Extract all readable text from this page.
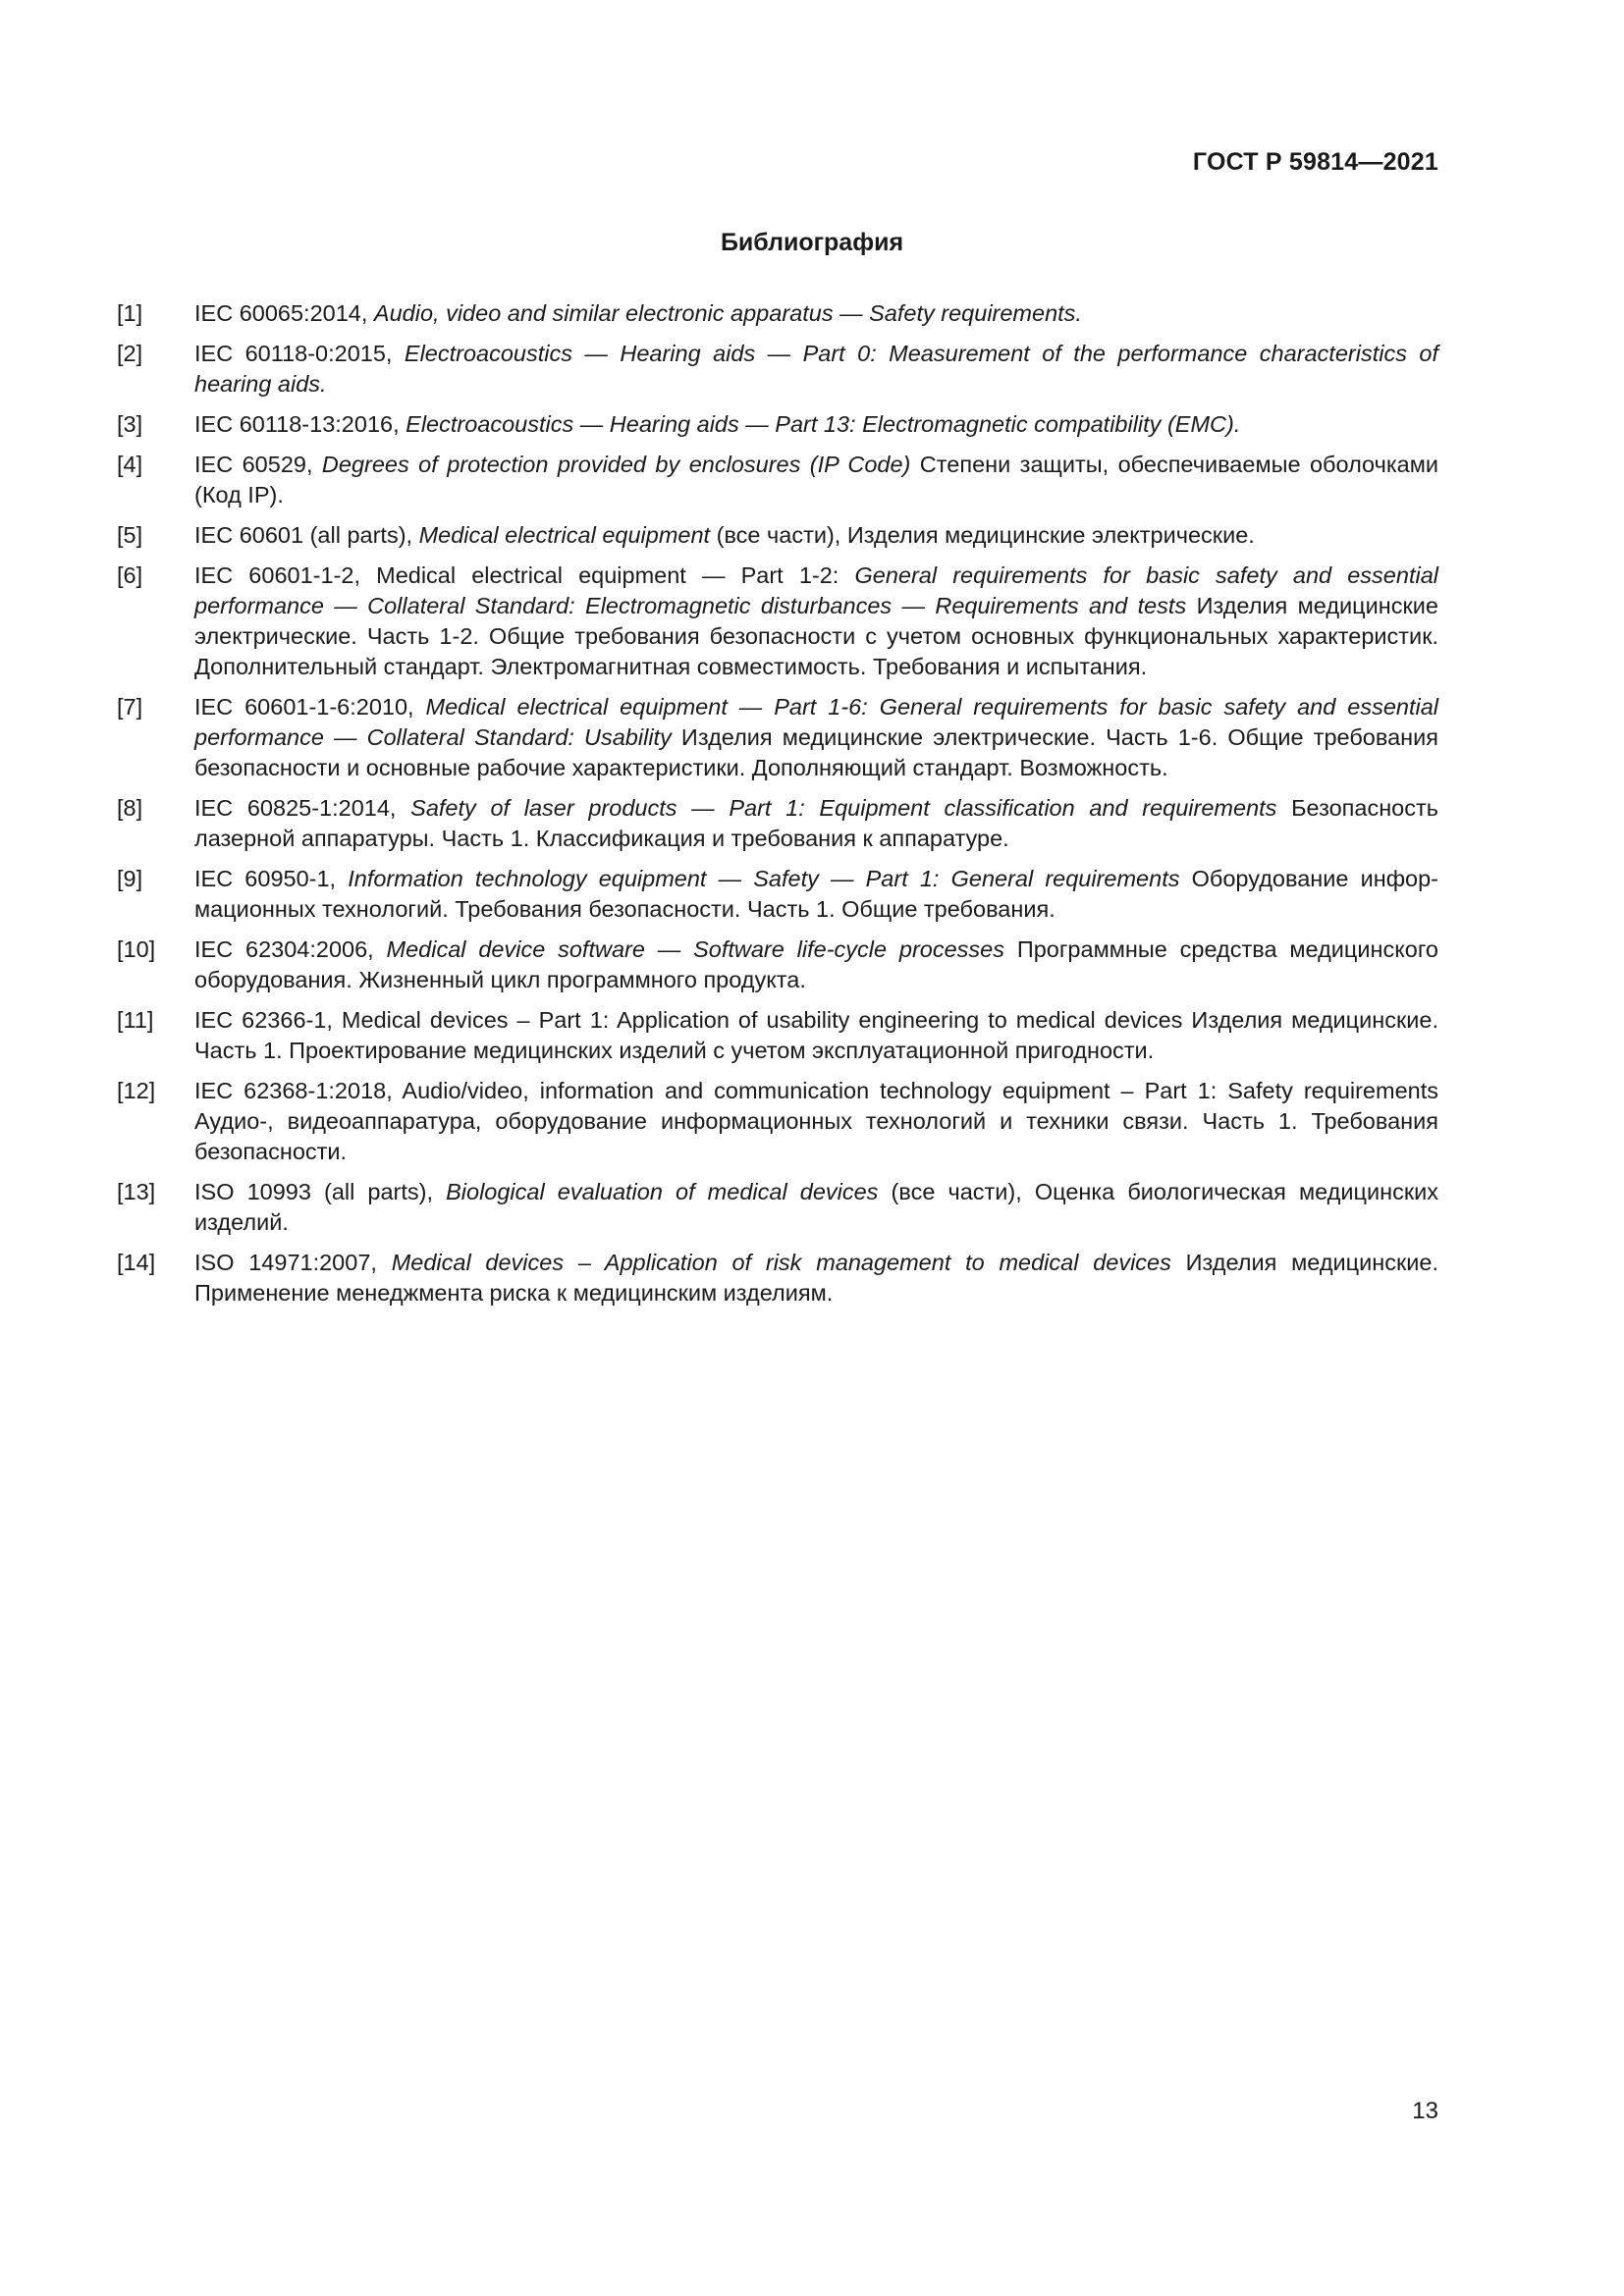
ГОСТ Р 59814—2021
Библиография
[1]	IEC 60065:2014, Audio, video and similar electronic apparatus — Safety requirements.
[2]	IEC 60118-0:2015, Electroacoustics — Hearing aids — Part 0: Measurement of the performance characteristics of hearing aids.
[3]	IEC 60118-13:2016, Electroacoustics — Hearing aids — Part 13: Electromagnetic compatibility (EMC).
[4]	IEC 60529, Degrees of protection provided by enclosures (IP Code) Степени защиты, обеспечиваемые оболочками (Код IP).
[5]	IEC 60601 (all parts), Medical electrical equipment (все части), Изделия медицинские электрические.
[6]	IEC 60601-1-2, Medical electrical equipment — Part 1-2: General requirements for basic safety and essential performance — Collateral Standard: Electromagnetic disturbances — Requirements and tests Изделия медицинские электрические. Часть 1-2. Общие требования безопасности с учетом основных функциональных характеристик. Дополнительный стандарт. Электромагнитная совместимость. Требования и испытания.
[7]	IEC 60601-1-6:2010, Medical electrical equipment — Part 1-6: General requirements for basic safety and essential performance — Collateral Standard: Usability Изделия медицинские электрические. Часть 1-6. Общие требования безопасности и основные рабочие характеристики. Дополняющий стандарт. Возможность.
[8]	IEC 60825-1:2014, Safety of laser products — Part 1: Equipment classification and requirements Безопасность лазерной аппаратуры. Часть 1. Классификация и требования к аппаратуре.
[9]	IEC 60950-1, Information technology equipment — Safety — Part 1: General requirements Оборудование информационных технологий. Требования безопасности. Часть 1. Общие требования.
[10]	IEC 62304:2006, Medical device software — Software life-cycle processes Программные средства медицинского оборудования. Жизненный цикл программного продукта.
[11]	IEC 62366-1, Medical devices – Part 1: Application of usability engineering to medical devices Изделия медицинские. Часть 1. Проектирование медицинских изделий с учетом эксплуатационной пригодности.
[12]	IEC 62368-1:2018, Audio/video, information and communication technology equipment – Part 1: Safety requirements Аудио-, видеоаппаратура, оборудование информационных технологий и техники связи. Часть 1. Требования безопасности.
[13]	ISO 10993 (all parts), Biological evaluation of medical devices (все части), Оценка биологическая медицинских изделий.
[14]	ISO 14971:2007, Medical devices – Application of risk management to medical devices Изделия медицинские. Применение менеджмента риска к медицинским изделиям.
13
